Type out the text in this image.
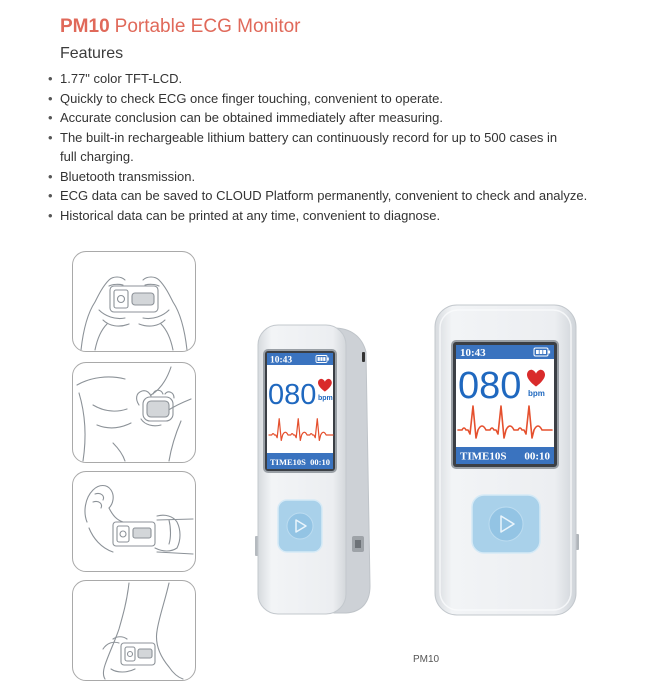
PM10 Portable ECG Monitor
Features
• 1.77" color TFT-LCD.
• Quickly to check ECG once finger touching, convenient to operate.
• Accurate conclusion can be obtained immediately after measuring.
• The built-in rechargeable lithium battery can continuously record for up to 500 cases in full charging.
• Bluetooth transmission.
• ECG data can be saved to CLOUD Platform permanently, convenient to check and analyze.
• Historical data can be printed at any time, convenient to diagnose.
10:43
080 bpm
TIME10S 00:10
10:43
080 bpm
TIME10S 00:10
PM10
